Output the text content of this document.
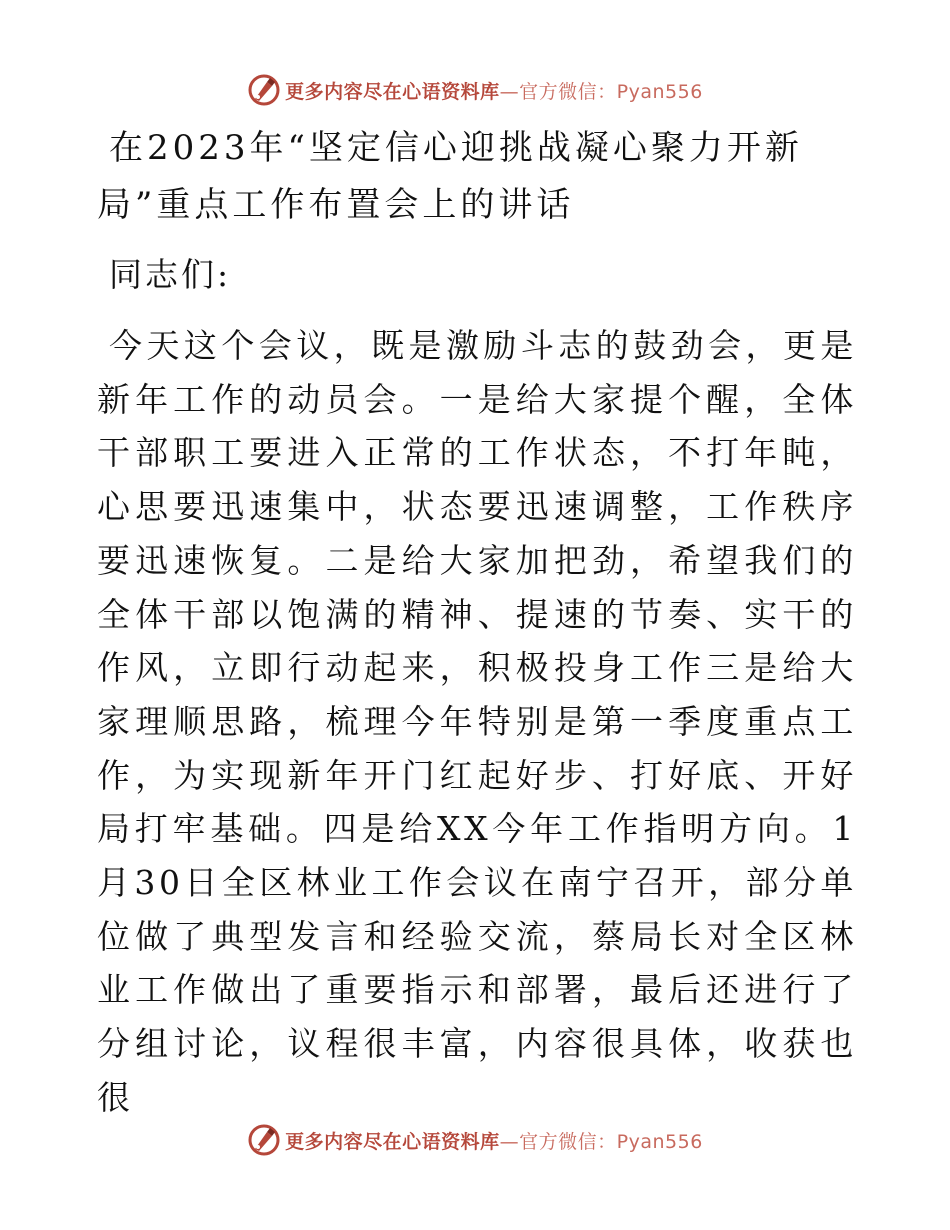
更多内容尽在心语资料库—官方微信：Pyan556
在2023年“坚定信心迎挑战凝心聚力开新局”重点工作布置会上的讲话

同志们:

今天这个会议，既是激励斗志的鼓劲会，更是新年工作的动员会。一是给大家提个醒，全体干部职工要进入正常的工作状态，不打年盹，心思要迅速集中，状态要迅速调整，工作秩序要迅速恢复。二是给大家加把劲，希望我们的全体干部以饱满的精神、提速的节奏、实干的作风，立即行动起来，积极投身工作三是给大家理顺思路，梳理今年特别是第一季度重点工作，为实现新年开门红起好步、打好底、开好局打牢基础。四是给XX今年工作指明方向。1月30日全区林业工作会议在南宁召开，部分单位做了典型发言和经验交流，蔡局长对全区林业工作做出了重要指示和部署，最后还进行了分组讨论，议程很丰富，内容很具体，收获也很

更多内容尽在心语资料库—官方微信：Pyan556
